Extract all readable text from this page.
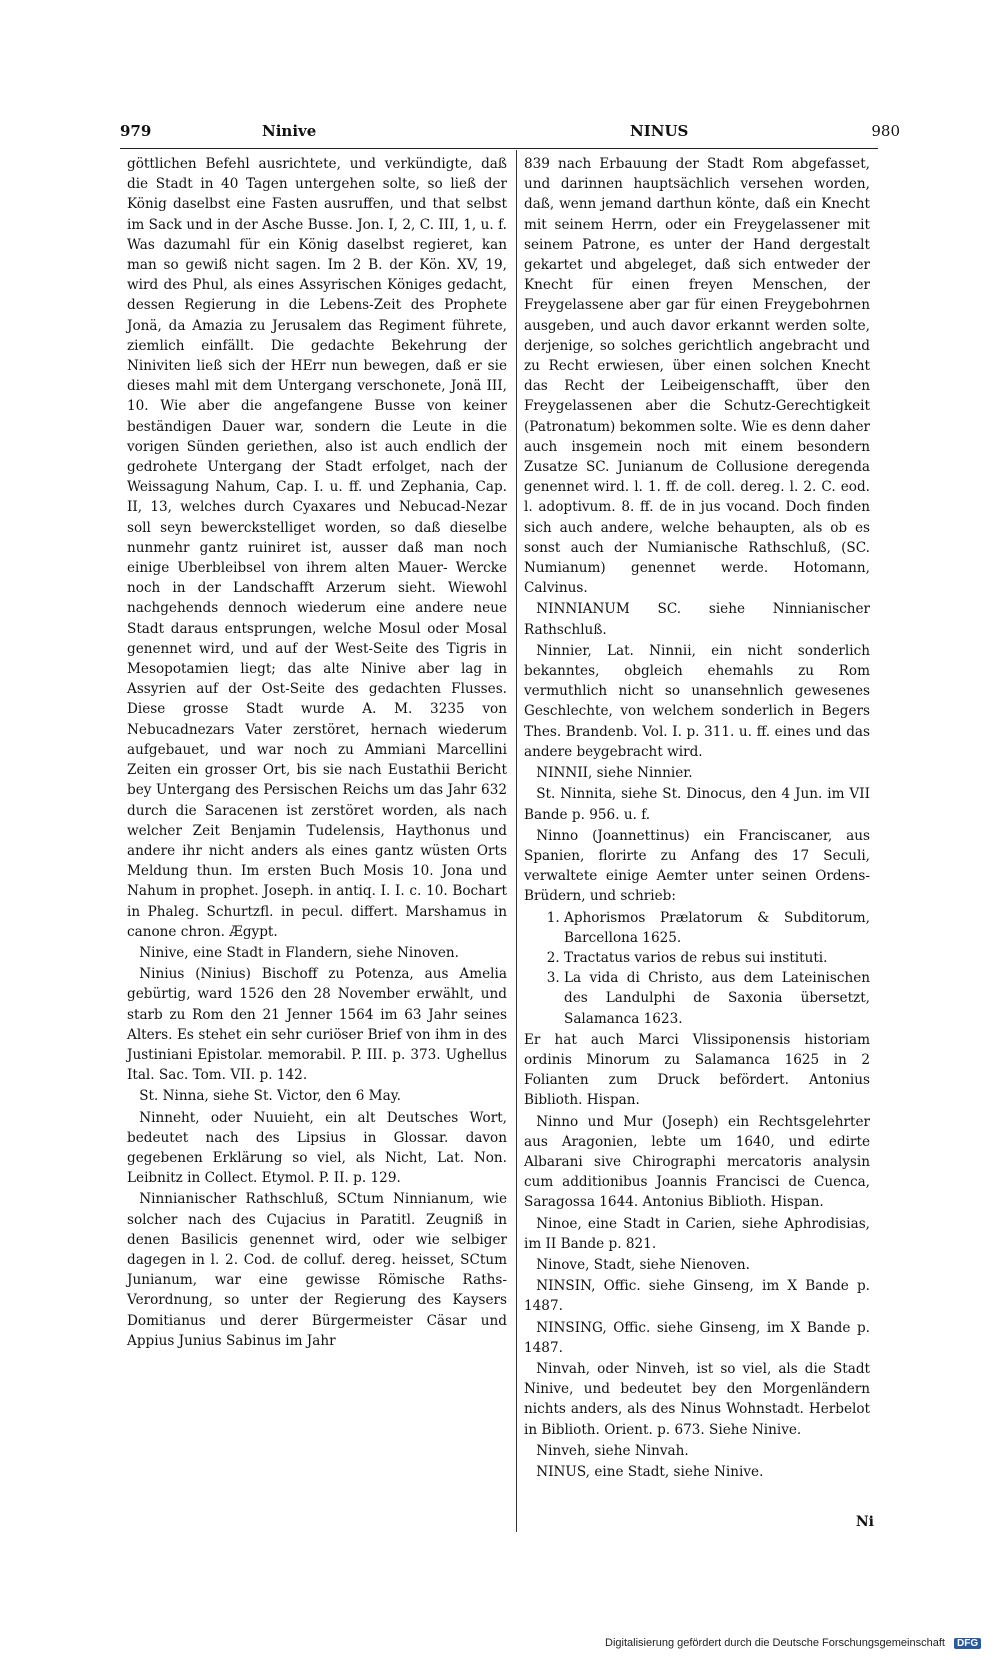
979	Ninive	NINUS	980

göttlichen Befehl ausrichtete, und verkündigte, daß die Stadt in 40 Tagen untergehen solte, so ließ der König daselbst eine Fasten ausruffen, und that selbst im Sack und in der Asche Busse. Jon. I, 2, C. III, 1, u. f. Was dazumahl für ein König daselbst regieret, kan man so gewiß nicht sagen. Im 2 B. der Kön. XV, 19, wird des Phul, als eines Assyrischen Königes gedacht, dessen Regierung in die Lebens-Zeit des Prophete Jonä, da Amazia zu Jerusalem das Regiment führete, ziemlich einfällt. Die gedachte Bekehrung der Niniviten ließ sich der HErr nun bewegen, daß er sie dieses mahl mit dem Untergang verschonete, Jonä III, 10. Wie aber die angefangene Busse von keiner beständigen Dauer war, sondern die Leute in die vorigen Sünden geriethen, also ist auch endlich der gedrohete Untergang der Stadt erfolget, nach der Weissagung Nahum, Cap. I. u. ff. und Zephania, Cap. II, 13, welches durch Cyaxares und Nebucad-Nezar soll seyn bewerckstelliget worden, so daß dieselbe nunmehr gantz ruiniret ist, ausser daß man noch einige Uberbleibsel von ihrem alten Mauer- Wercke noch in der Landschafft Arzerum sieht. Wiewohl nachgehends dennoch wiederum eine andere neue Stadt daraus entsprungen, welche Mosul oder Mosal genennet wird, und auf der West-Seite des Tigris in Mesopotamien liegt; das alte Ninive aber lag in Assyrien auf der Ost-Seite des gedachten Flusses. Diese grosse Stadt wurde A. M. 3235 von Nebucadnezars Vater zerstöret, hernach wiederum aufgebauet, und war noch zu Ammiani Marcellini Zeiten ein grosser Ort, bis sie nach Eustathii Bericht bey Untergang des Persischen Reichs um das Jahr 632 durch die Saracenen ist zerstöret worden, als nach welcher Zeit Benjamin Tudelensis, Haythonus und andere ihr nicht anders als eines gantz wüsten Orts Meldung thun. Im ersten Buch Mosis 10. Jona und Nahum in prophet. Joseph. in antiq. I. I. c. 10. Bochart in Phaleg. Schurtzfl. in pecul. differt. Marshamus in canone chron. Ægypt.

Ninive, eine Stadt in Flandern, siehe Ninoven.

Ninius (Ninius) Bischoff zu Potenza, aus Amelia gebürtig, ward 1526 den 28 November erwählt, und starb zu Rom den 21 Jenner 1564 im 63 Jahr seines Alters. Es stehet ein sehr curiöser Brief von ihm in des Justiniani Epistolar. memorabil. P. III. p. 373. Ughellus Ital. Sac. Tom. VII. p. 142.

St. Ninna, siehe St. Victor, den 6 May.

Ninneht, oder Nuuieht, ein alt Deutsches Wort, bedeutet nach des Lipsius in Glossar. davon gegebenen Erklärung so viel, als Nicht, Lat. Non. Leibnitz in Collect. Etymol. P. II. p. 129.

Ninnianischer Rathschluß, SCtum Ninnianum, wie solcher nach des Cujacius in Paratitl. Zeugniß in denen Basilicis genennet wird, oder wie selbiger dagegen in l. 2. Cod. de colluf. dereg. heisset, SCtum Junianum, war eine gewisse Römische Raths-Verordnung, so unter der Regierung des Kaysers Domitianus und derer Bürgermeister Cäsar und Appius Junius Sabinus im Jahr

839 nach Erbauung der Stadt Rom abgefasset, und darinnen hauptsächlich versehen worden, daß, wenn jemand darthun könte, daß ein Knecht mit seinem Herrn, oder ein Freygelassener mit seinem Patrone, es unter der Hand dergestalt gekartet und abgeleget, daß sich entweder der Knecht für einen freyen Menschen, der Freygelassene aber gar für einen Freygebohrnen ausgeben, und auch davor erkannt werden solte, derjenige, so solches gerichtlich angebracht und zu Recht erwiesen, über einen solchen Knecht das Recht der Leibeigenschafft, über den Freygelassenen aber die Schutz-Gerechtigkeit (Patronatum) bekommen solte. Wie es denn daher auch insgemein noch mit einem besondern Zusatze SC. Junianum de Collusione deregenda genennet wird. l. 1. ff. de coll. dereg. l. 2. C. eod. l. adoptivum. 8. ff. de in jus vocand. Doch finden sich auch andere, welche behaupten, als ob es sonst auch der Numianische Rathschluß, (SC. Numianum) genennet werde. Hotomann, Calvinus.

NINNIANUM SC. siehe Ninnianischer Rathschluß.

Ninnier, Lat. Ninnii, ein nicht sonderlich bekanntes, obgleich ehemahls zu Rom vermuthlich nicht so unansehnlich gewesenes Geschlechte, von welchem sonderlich in Begers Thes. Brandenb. Vol. I. p. 311. u. ff. eines und das andere beygebracht wird.

NINNII, siehe Ninnier.

St. Ninnita, siehe St. Dinocus, den 4 Jun. im VII Bande p. 956. u. f.

Ninno (Joannettinus) ein Franciscaner, aus Spanien, florirte zu Anfang des 17 Seculi, verwaltete einige Aemter unter seinen Ordens-Brüdern, und schrieb:

1. Aphorismos Prælatorum & Subditorum, Barcellona 1625.
2. Tractatus varios de rebus sui instituti.
3. La vida di Christo, aus dem Lateinischen des Landulphi de Saxonia übersetzt, Salamanca 1623.

Er hat auch Marci Vlissiponensis historiam ordinis Minorum zu Salamanca 1625 in 2 Folianten zum Druck befördert. Antonius Biblioth. Hispan.

Ninno und Mur (Joseph) ein Rechtsgelehrter aus Aragonien, lebte um 1640, und edirte Albarani sive Chirographi mercatoris analysin cum additionibus Joannis Francisci de Cuenca, Saragossa 1644. Antonius Biblioth. Hispan.

Ninoe, eine Stadt in Carien, siehe Aphrodisias, im II Bande p. 821.

Ninove, Stadt, siehe Nienoven.

NINSIN, Offic. siehe Ginseng, im X Bande p. 1487.

NINSING, Offic. siehe Ginseng, im X Bande p. 1487.

Ninvah, oder Ninveh, ist so viel, als die Stadt Ninive, und bedeutet bey den Morgenländern nichts anders, als des Ninus Wohnstadt. Herbelot in Biblioth. Orient. p. 673. Siehe Ninive.

Ninveh, siehe Ninvah.

NINUS, eine Stadt, siehe Ninive.

Ni
Digitalisierung gefördert durch die Deutsche Forschungsgemeinschaft DFG
